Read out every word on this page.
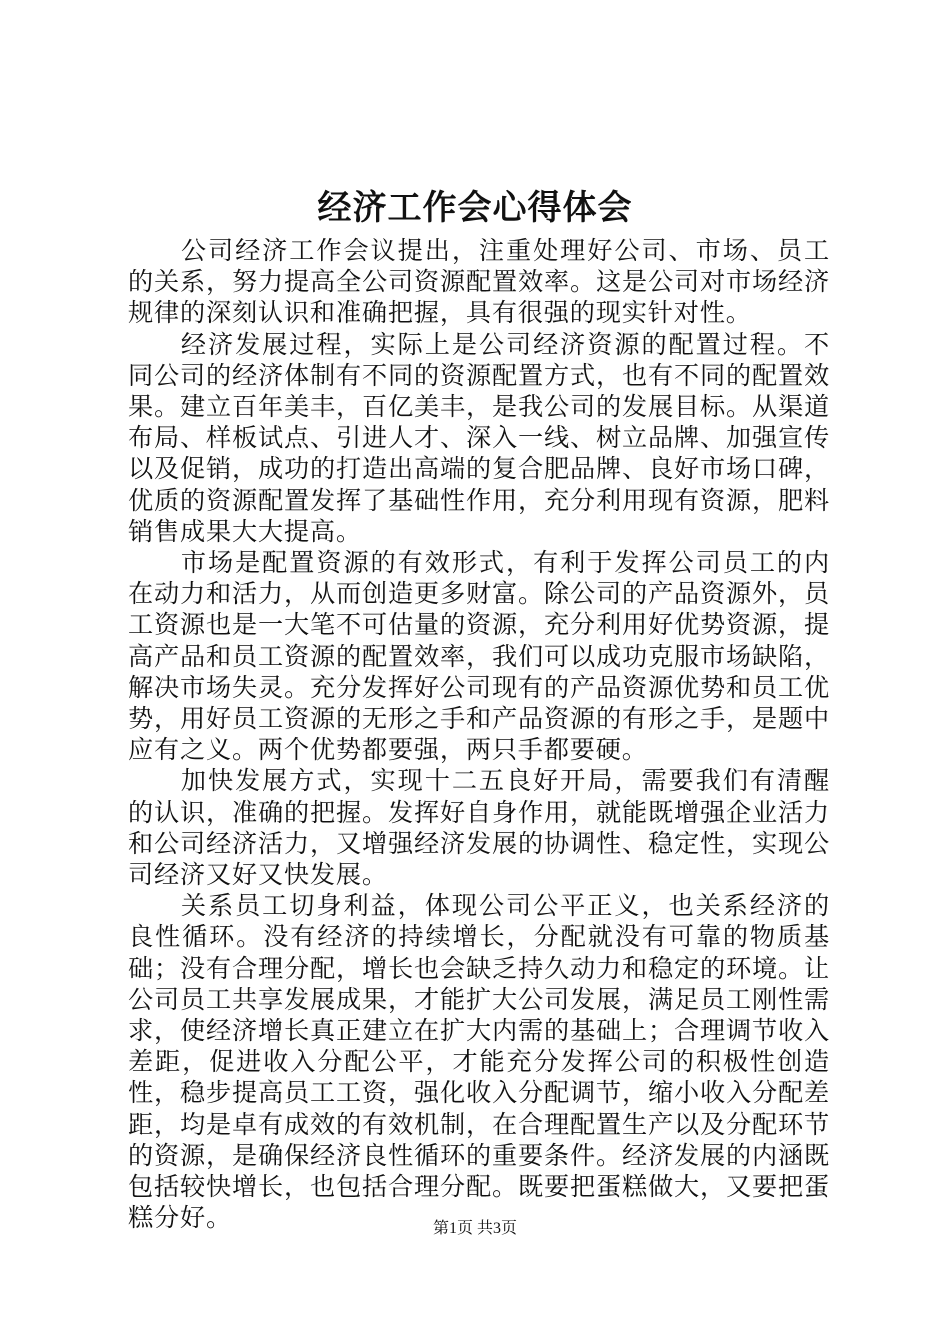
经济工作会心得体会

公司经济工作会议提出，注重处理好公司、市场、员工的关系，努力提高全公司资源配置效率。这是公司对市场经济规律的深刻认识和准确把握，具有很强的现实针对性。

经济发展过程，实际上是公司经济资源的配置过程。不同公司的经济体制有不同的资源配置方式，也有不同的配置效果。建立百年美丰，百亿美丰，是我公司的发展目标。从渠道布局、样板试点、引进人才、深入一线、树立品牌、加强宣传以及促销，成功的打造出高端的复合肥品牌、良好市场口碑，优质的资源配置发挥了基础性作用，充分利用现有资源，肥料销售成果大大提高。

市场是配置资源的有效形式，有利于发挥公司员工的内在动力和活力，从而创造更多财富。除公司的产品资源外，员工资源也是一大笔不可估量的资源，充分利用好优势资源，提高产品和员工资源的配置效率，我们可以成功克服市场缺陷，解决市场失灵。充分发挥好公司现有的产品资源优势和员工优势，用好员工资源的无形之手和产品资源的有形之手，是题中应有之义。两个优势都要强，两只手都要硬。

加快发展方式，实现十二五良好开局，需要我们有清醒的认识，准确的把握。发挥好自身作用，就能既增强企业活力和公司经济活力，又增强经济发展的协调性、稳定性，实现公司经济又好又快发展。

关系员工切身利益，体现公司公平正义，也关系经济的良性循环。没有经济的持续增长，分配就没有可靠的物质基础；没有合理分配，增长也会缺乏持久动力和稳定的环境。让公司员工共享发展成果，才能扩大公司发展，满足员工刚性需求，使经济增长真正建立在扩大内需的基础上；合理调节收入差距，促进收入分配公平，才能充分发挥公司的积极性创造性，稳步提高员工工资，强化收入分配调节，缩小收入分配差距，均是卓有成效的有效机制，在合理配置生产以及分配环节的资源，是确保经济良性循环的重要条件。经济发展的内涵既包括较快增长，也包括合理分配。既要把蛋糕做大，又要把蛋糕分好。	第1页 共3页
